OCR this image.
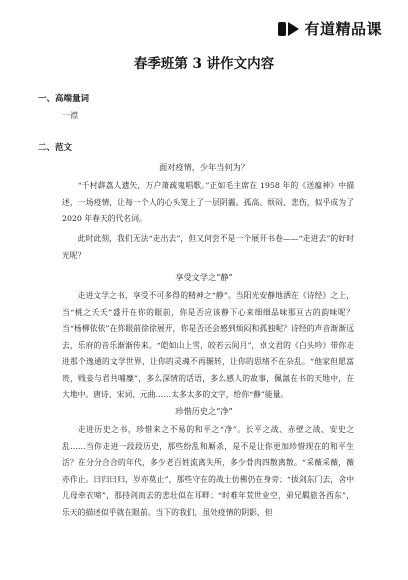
有道精品课
春季班第 3 讲作文内容
一、高端量词
一襟
二、范文
面对疫情，少年当何为？

“千村薜荔人遗矢，万户萧疏鬼唱歌。”正如毛主席在 1958 年的《送瘟神》中描述，一场疫情，让每一个人的心头笼上了一层阴霾。孤高、烦闷、悲伤，似乎成为了 2020 年春天的代名词。

此时此刻，我们无法“走出去”，但又何尝不是一个展开书卷——“走进去”的好时光呢？

享受文学之“静”

走进文学之书，享受不可多得的精神之“静”。当阳光安静地洒在《诗经》之上，当“桃之夭夭”盛开在你的眼前，你是否应该静下心来细细品味那亘古的韵味呢？当“杨柳依依”在你眼前徐徐展开，你是否还会感到烦闷和孤独呢？诗经的声音渐渐远去，乐府的音乐渐渐传来。“皑如山上雪，皎若云间月”，卓文君的《白头吟》带你走进那个逸通的文学世界，让你的灵魂不再辗转，让你的思绪不在杂乱。“他家但愿富贵，贱妾与君共哺糜”，多么深情的话语，多么感人的故事，佩氤在书的天地中，在大地中。唐诗、宋词、元曲……太多太多的文字，给你“静”能量。

珍惜历史之“净”

走进历史之书，珍惜来之不易的和平之“净”。长平之战、赤壁之战、安史之乱……当你走进一段段历史，那些纷乱和厮杀，是不是让你更加珍惜现在的和平生活？在分分合合的年代，多少老百姓流离失所，多少骨肉四散离散。“采薇采薇，薇亦作止。曰归曰归，岁亦莫止”，那些守在的战士仿佛仍在身旁；“拔剑东门去，舍中儿母牵衣啼”，那持剑而去的悲壮似在耳畔；“时难年荒世业空，弟兄羁旅各西东”，乐天的描述似乎就在眼前。当下的我们，虽处疫情的阴影，但
